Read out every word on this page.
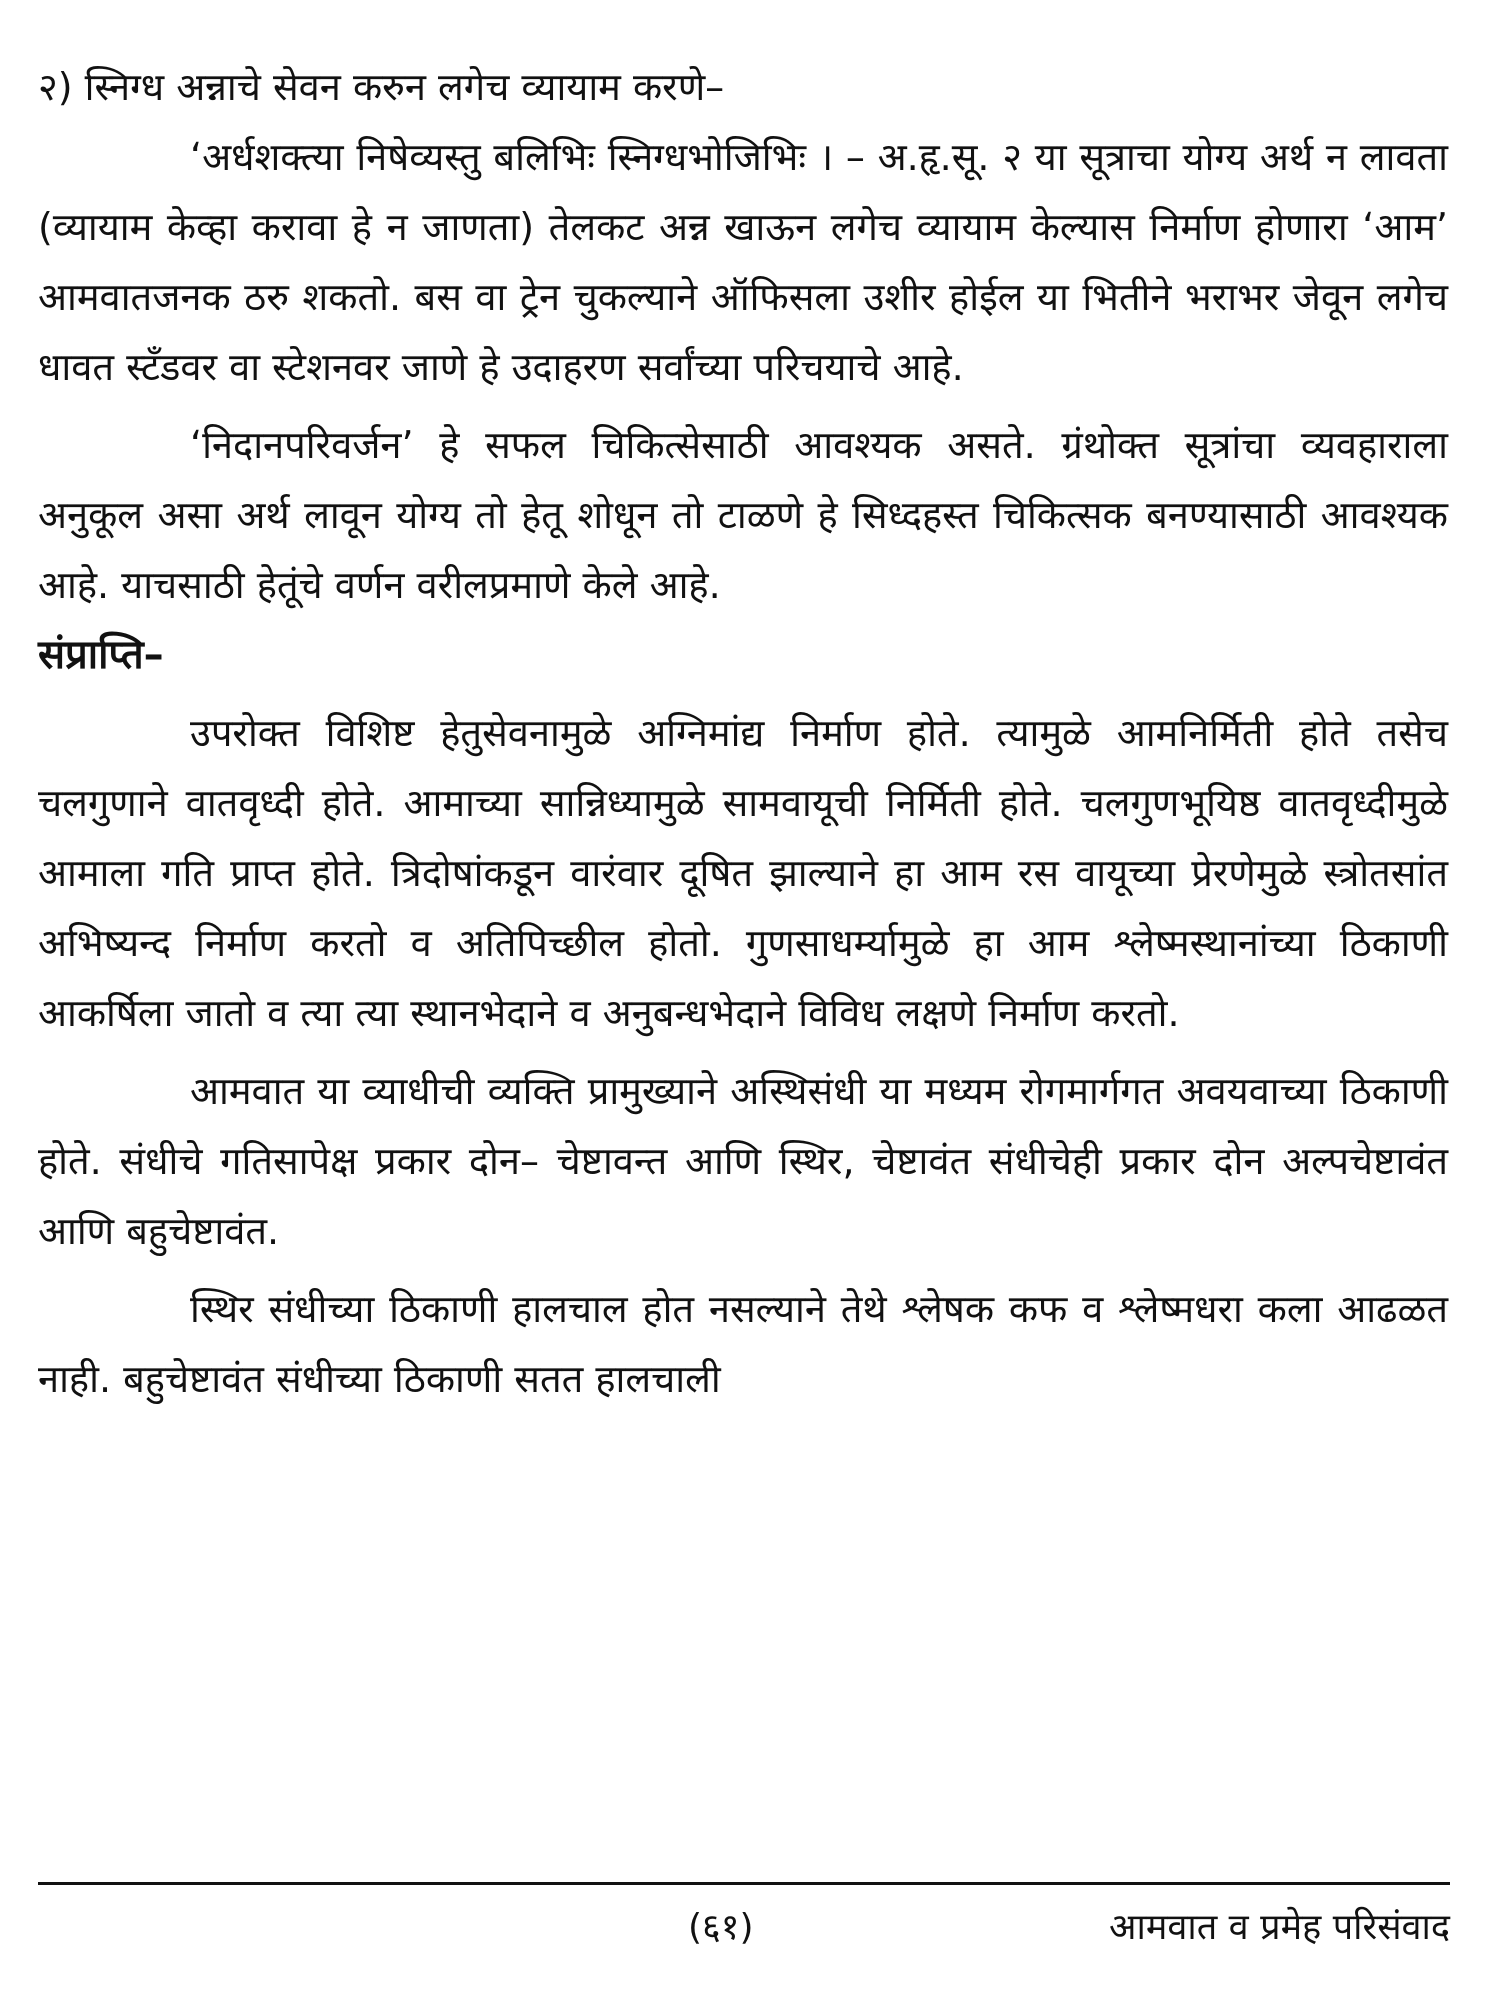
२) स्निग्ध अन्नाचे सेवन करुन लगेच व्यायाम करणे–

‘अर्धशक्त्या निषेव्यस्तु बलिभिः स्निग्धभोजिभिः । – अ.हृ.सू. २ या सूत्राचा योग्य अर्थ न लावता (व्यायाम केव्हा करावा हे न जाणता) तेलकट अन्न खाऊन लगेच व्यायाम केल्यास निर्माण होणारा ‘आम’ आमवातजनक ठरु शकतो. बस वा ट्रेन चुकल्याने ऑफिसला उशीर होईल या भितीने भराभर जेवून लगेच धावत स्टँडवर वा स्टेशनवर जाणे हे उदाहरण सर्वांच्या परिचयाचे आहे.

‘निदानपरिवर्जन’ हे सफल चिकित्सेसाठी आवश्यक असते. ग्रंथोक्त सूत्रांचा व्यवहाराला अनुकूल असा अर्थ लावून योग्य तो हेतू शोधून तो टाळणे हे सिध्दहस्त चिकित्सक बनण्यासाठी आवश्यक आहे. याचसाठी हेतूंचे वर्णन वरीलप्रमाणे केले आहे.

संप्राप्ति–

उपरोक्त विशिष्ट हेतुसेवनामुळे अग्निमांद्य निर्माण होते. त्यामुळे आमनिर्मिती होते तसेच चलगुणाने वातवृध्दी होते. आमाच्या सान्निध्यामुळे सामवायूची निर्मिती होते. चलगुणभूयिष्ठ वातवृध्दीमुळे आमाला गति प्राप्त होते. त्रिदोषांकडून वारंवार दूषित झाल्याने हा आम रस वायूच्या प्रेरणेमुळे स्त्रोतसांत अभिष्यन्द निर्माण करतो व अतिपिच्छील होतो. गुणसाधर्म्यामुळे हा आम श्लेष्मस्थानांच्या ठिकाणी आकर्षिला जातो व त्या त्या स्थानभेदाने व अनुबन्धभेदाने विविध लक्षणे निर्माण करतो.

आमवात या व्याधीची व्यक्ति प्रामुख्याने अस्थिसंधी या मध्यम रोगमार्गगत अवयवाच्या ठिकाणी होते. संधीचे गतिसापेक्ष प्रकार दोन– चेष्टावन्त आणि स्थिर, चेष्टावंत संधीचेही प्रकार दोन अल्पचेष्टावंत आणि बहुचेष्टावंत.

स्थिर संधीच्या ठिकाणी हालचाल होत नसल्याने तेथे श्लेषक कफ व श्लेष्मधरा कला आढळत नाही. बहुचेष्टावंत संधीच्या ठिकाणी सतत हालचाली

(६१)	आमवात व प्रमेह परिसंवाद
